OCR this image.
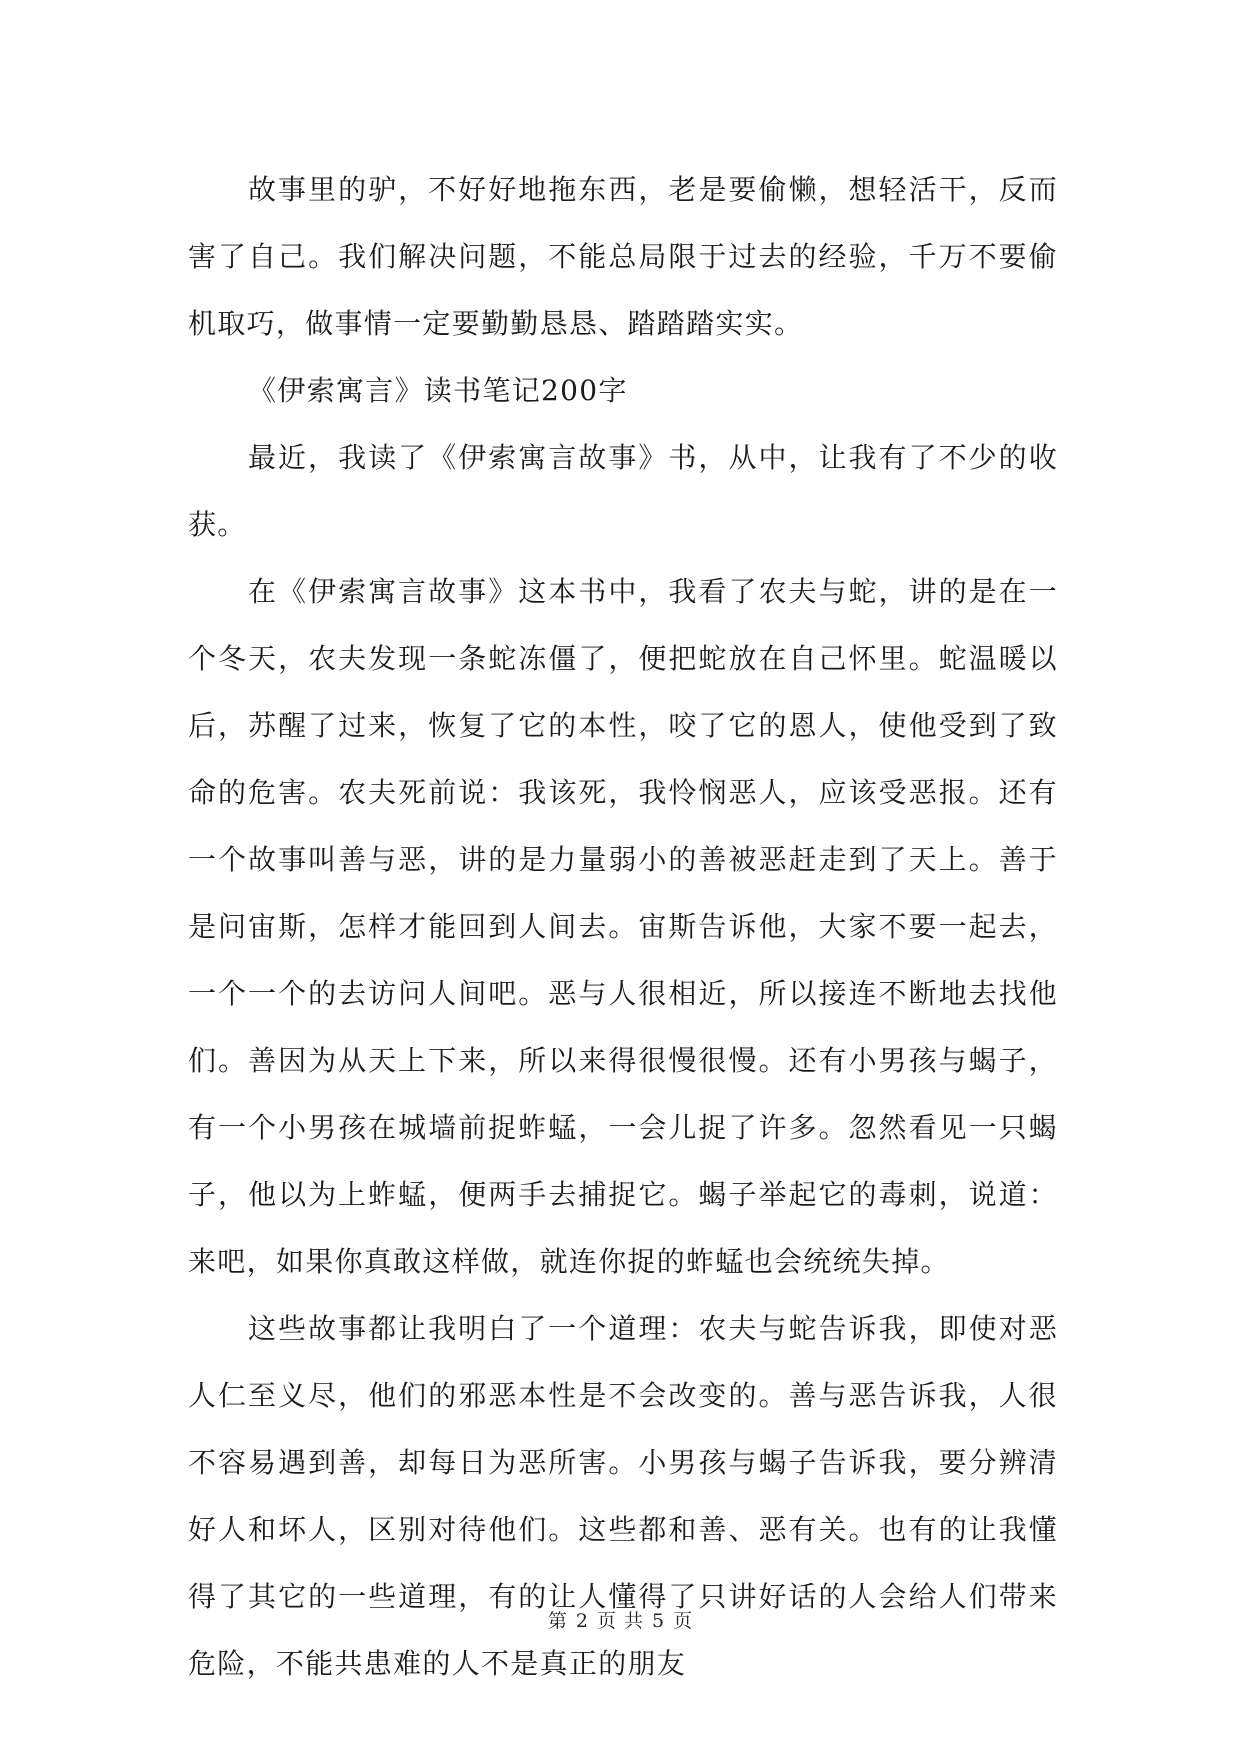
故事里的驴，不好好地拖东西，老是要偷懒，想轻活干，反而害了自己。我们解决问题，不能总局限于过去的经验，千万不要偷机取巧，做事情一定要勤勤恳恳、踏踏踏实实。

《伊索寓言》读书笔记200字

最近，我读了《伊索寓言故事》书，从中，让我有了不少的收获。

在《伊索寓言故事》这本书中，我看了农夫与蛇，讲的是在一个冬天，农夫发现一条蛇冻僵了，便把蛇放在自己怀里。蛇温暖以后，苏醒了过来，恢复了它的本性，咬了它的恩人，使他受到了致命的危害。农夫死前说：我该死，我怜悯恶人，应该受恶报。还有一个故事叫善与恶，讲的是力量弱小的善被恶赶走到了天上。善于是问宙斯，怎样才能回到人间去。宙斯告诉他，大家不要一起去，一个一个的去访问人间吧。恶与人很相近，所以接连不断地去找他们。善因为从天上下来，所以来得很慢很慢。还有小男孩与蝎子，有一个小男孩在城墙前捉蚱蜢，一会儿捉了许多。忽然看见一只蝎子，他以为上蚱蜢，便两手去捕捉它。蝎子举起它的毒刺，说道：来吧，如果你真敢这样做，就连你捉的蚱蜢也会统统失掉。

这些故事都让我明白了一个道理：农夫与蛇告诉我，即使对恶人仁至义尽，他们的邪恶本性是不会改变的。善与恶告诉我，人很不容易遇到善，却每日为恶所害。小男孩与蝎子告诉我，要分辨清好人和坏人，区别对待他们。这些都和善、恶有关。也有的让我懂得了其它的一些道理，有的让人懂得了只讲好话的人会给人们带来危险，不能共患难的人不是真正的朋友

第 2 页 共 5 页
